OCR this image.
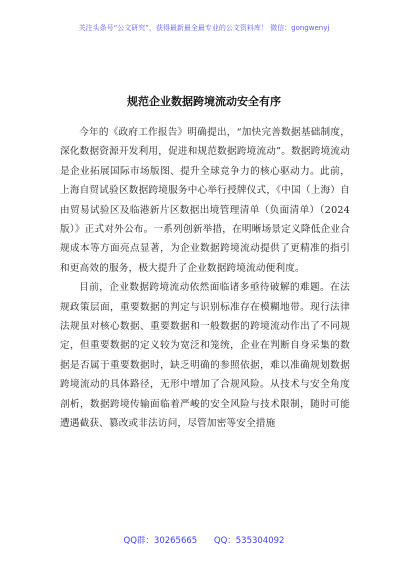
关注头条号“公文研究”，获得最新最全最专业的公文资料库！ 微信：gongwenyj
规范企业数据跨境流动安全有序

今年的《政府工作报告》明确提出，“加快完善数据基础制度，深化数据资源开发利用，促进和规范数据跨境流动”。数据跨境流动是企业拓展国际市场版图、提升全球竞争力的核心驱动力。此前，上海自贸试验区数据跨境服务中心举行授牌仪式，《中国（上海）自由贸易试验区及临港新片区数据出境管理清单（负面清单）（2024版）》正式对外公布。一系列创新举措，在明晰场景定义降低企业合规成本等方面亮点显著，为企业数据跨境流动提供了更精准的指引和更高效的服务，极大提升了企业数据跨境流动便利度。

目前，企业数据跨境流动依然面临诸多亟待破解的难题。在法规政策层面，重要数据的判定与识别标准存在模糊地带。现行法律法规虽对核心数据、重要数据和一般数据的跨境流动作出了不同规定，但重要数据的定义较为宽泛和笼统，企业在判断自身采集的数据是否属于重要数据时，缺乏明确的参照依据，难以准确规划数据跨境流动的具体路径，无形中增加了合规风险。从技术与安全角度剖析，数据跨境传输面临着严峻的安全风险与技术限制，随时可能遭遇截获、篡改或非法访问，尽管加密等安全措施

QQ群：30265665 QQ：535304092
